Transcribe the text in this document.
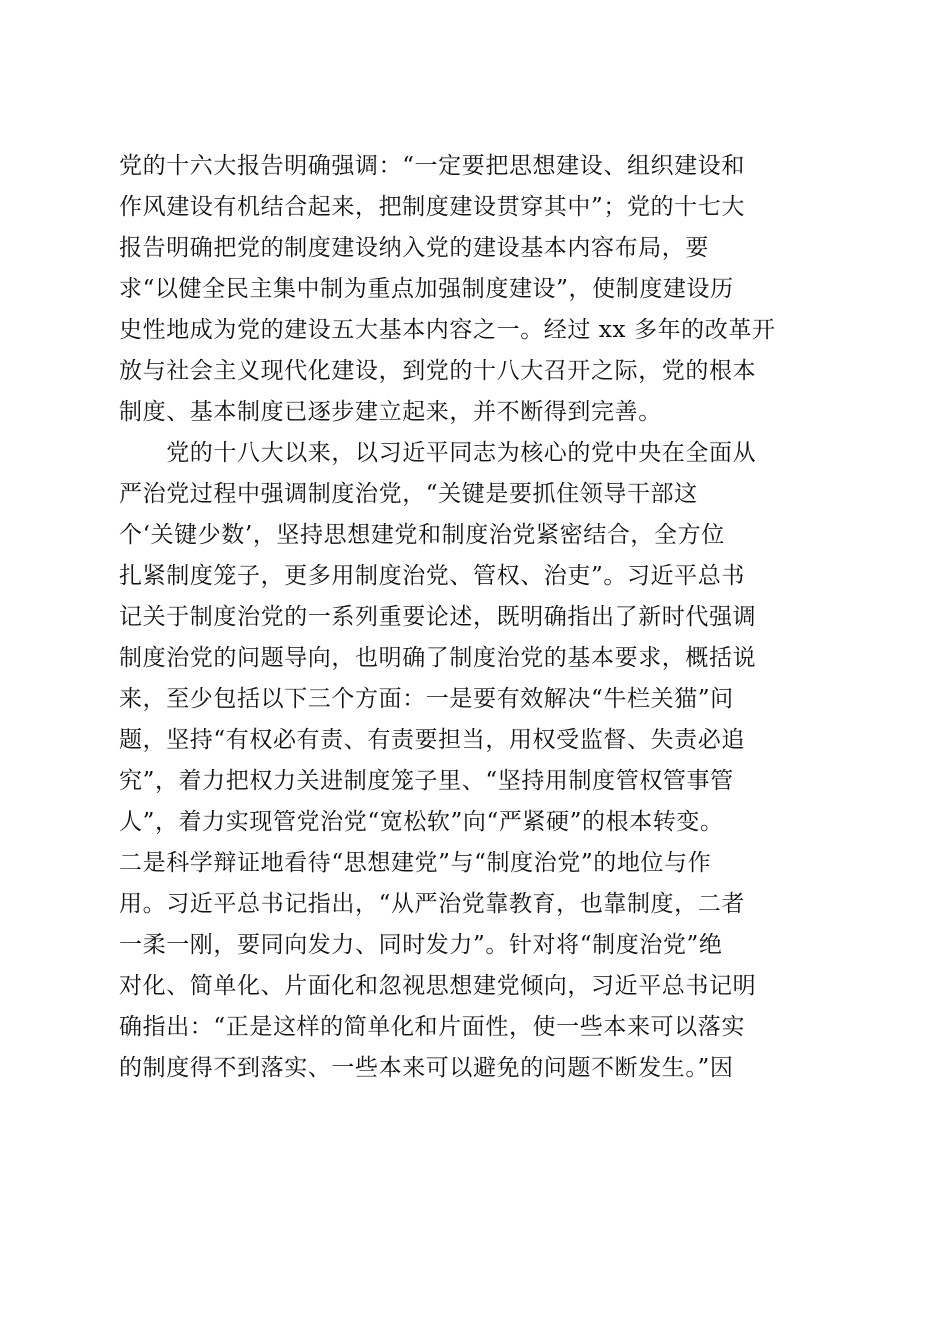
党的十六大报告明确强调：“一定要把思想建设、组织建设和
作风建设有机结合起来，把制度建设贯穿其中”；党的十七大
报告明确把党的制度建设纳入党的建设基本内容布局，要
求“以健全民主集中制为重点加强制度建设”，使制度建设历
史性地成为党的建设五大基本内容之一。经过 xx 多年的改革开
放与社会主义现代化建设，到党的十八大召开之际，党的根本
制度、基本制度已逐步建立起来，并不断得到完善。
　　党的十八大以来，以习近平同志为核心的党中央在全面从
严治党过程中强调制度治党，“关键是要抓住领导干部这
个‘关键少数’，坚持思想建党和制度治党紧密结合，全方位
扎紧制度笼子，更多用制度治党、管权、治吏”。习近平总书
记关于制度治党的一系列重要论述，既明确指出了新时代强调
制度治党的问题导向，也明确了制度治党的基本要求，概括说
来，至少包括以下三个方面：一是要有效解决“牛栏关猫”问
题，坚持“有权必有责、有责要担当，用权受监督、失责必追
究”，着力把权力关进制度笼子里、“坚持用制度管权管事管
人”，着力实现管党治党“宽松软”向“严紧硬”的根本转变。
二是科学辩证地看待“思想建党”与“制度治党”的地位与作
用。习近平总书记指出，“从严治党靠教育，也靠制度，二者
一柔一刚，要同向发力、同时发力”。针对将“制度治党”绝
对化、简单化、片面化和忽视思想建党倾向，习近平总书记明
确指出：“正是这样的简单化和片面性，使一些本来可以落实
的制度得不到落实、一些本来可以避免的问题不断发生。”因
